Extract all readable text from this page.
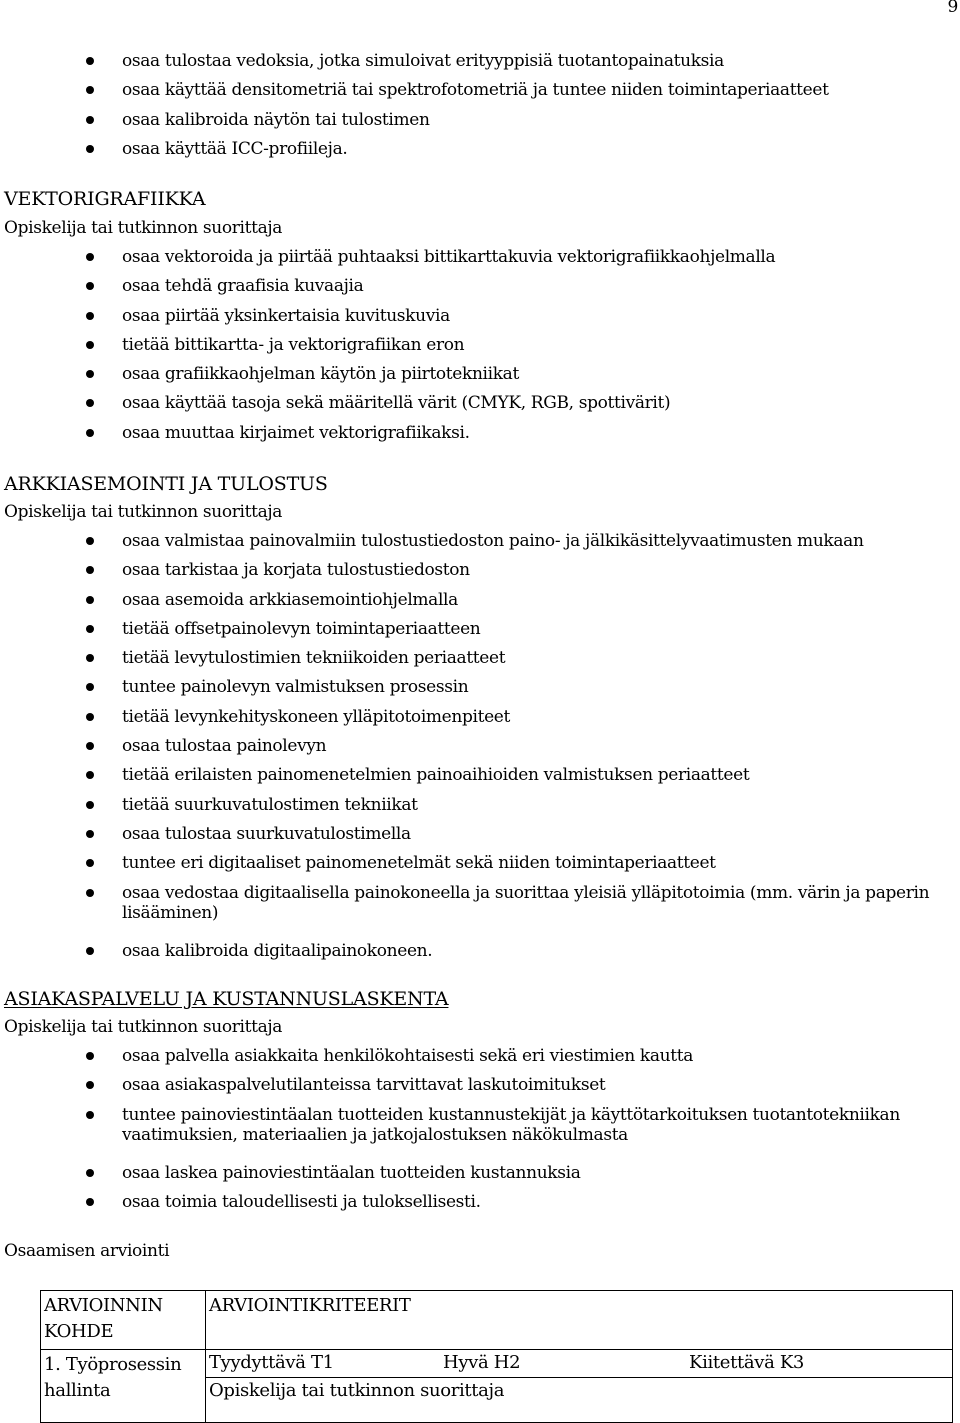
9
osaa tulostaa vedoksia, jotka simuloivat erityyppisiä tuotantopainatuksia
osaa käyttää densitometriä tai spektrofotometriä ja tuntee niiden toimintaperiaatteet
osaa kalibroida näytön tai tulostimen
osaa käyttää ICC-profiileja.
VEKTORIGRAFIIKKA
Opiskelija tai tutkinnon suorittaja
osaa vektoroida ja piirtää puhtaaksi bittikarttakuvia vektorigrafiikkaohjelmalla
osaa tehdä graafisia kuvaajia
osaa piirtää yksinkertaisia kuvituskuvia
tietää bittikartta- ja vektorigrafiikan eron
osaa grafiikkaohjelman käytön ja piirtotekniikat
osaa käyttää tasoja sekä määritellä värit (CMYK, RGB, spottivärit)
osaa muuttaa kirjaimet vektorigrafiikaksi.
ARKKIASEMOINTI JA TULOSTUS
Opiskelija tai tutkinnon suorittaja
osaa valmistaa painovalmiin tulostustiedoston paino- ja jälkikäsittelyvaatimusten mukaan
osaa tarkistaa ja korjata tulostustiedoston
osaa asemoida arkkiasemointiohjelmalla
tietää offsetpainolevyn toimintaperiaatteen
tietää levytulostimien tekniikoiden periaatteet
tuntee painolevyn valmistuksen prosessin
tietää levynkehityskoneen ylläpitotoimenpiteet
osaa tulostaa painolevyn
tietää erilaisten painomenetelmien painoaihioiden valmistuksen periaatteet
tietää suurkuvatulostimen tekniikat
osaa tulostaa suurkuvatulostimella
tuntee eri digitaaliset painomenetelmät sekä niiden toimintaperiaatteet
osaa vedostaa digitaalisella painokoneella ja suorittaa yleisiä ylläpitotoimia (mm. värin ja paperin lisääminen)
osaa kalibroida digitaalipainokoneen.
ASIAKASPALVELU JA KUSTANNUSLASKENTA
Opiskelija tai tutkinnon suorittaja
osaa palvella asiakkaita henkilökohtaisesti sekä eri viestimien kautta
osaa asiakaspalvelutilanteissa tarvittavat laskutoimitukset
tuntee painoviestintäalan tuotteiden kustannustekijät ja käyttötarkoituksen tuotantotekniikan vaatimuksien, materiaalien ja jatkojalostuksen näkökulmasta
osaa laskea painoviestintäalan tuotteiden kustannuksia
osaa toimia taloudellisesti ja tuloksellisesti.
Osaamisen arviointi
ARVIOINNIN KOHDE	ARVIOINTIKRITEERIT		
1. Työprosessin hallinta	Tyydyttävä T1	Hyvä H2	Kiitettävä K3
	Opiskelija tai tutkinnon suorittaja		
